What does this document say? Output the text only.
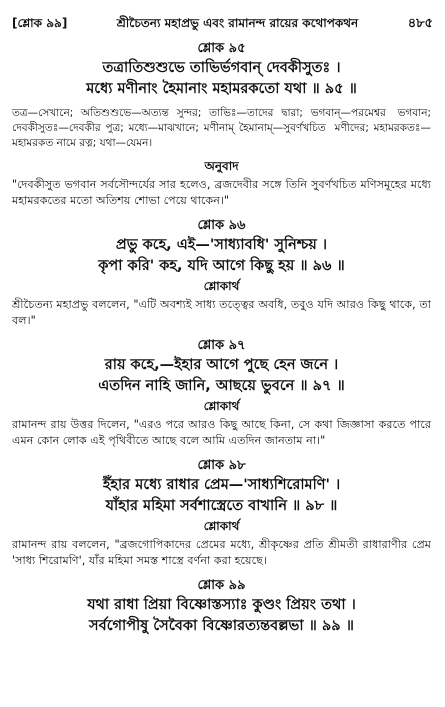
[শ্লোক ৯৯]	শ্রীচৈতন্য মহাপ্রভু এবং রামানন্দ রায়ের কথোপকথন	৪৮৫

শ্লোক ৯৫

তত্রাতিশুশুভে তাভির্ভগবান্ দেবকীসুতঃ ।

মধ্যে মণীনাং হৈমানাং মহামরকতো যথা ॥ ৯৫ ॥

তত্র—সেখানে; অতিশুশুভে—অত্যন্ত সুন্দর; তাভিঃ—তাদের দ্বারা; ভগবান্—পরমেশ্বর ভগবান; দেবকীসুতঃ—দেবকীর পুত্র; মধ্যে—মাঝখানে; মণীনাম্ হৈমানাম্—সুবর্ণখচিত মণীদের; মহামরকতঃ—মহামরকত নামে রত্ন; যথা—যেমন।

অনুবাদ

"দেবকীসুত ভগবান সর্বসৌন্দর্যের সার হলেও, ব্রজদেবীর সঙ্গে তিনি সুবর্ণখচিত মণিসমূহের মধ্যে মহামরকতের মতো অতিশয় শোভা পেয়ে থাকেন।"

শ্লোক ৯৬

প্রভু কহে, এই—'সাধ্যাবধি' সুনিশ্চয় ।

কৃপা করি' কহ, যদি আগে কিছু হয় ॥ ৯৬ ॥

শ্লোকার্থ

শ্রীচৈতন্য মহাপ্রভু বললেন, "এটি অবশ্যই সাধ্য তত্ত্বের অবধি, তবুও যদি আরও কিছু থাকে, তা বল।"

শ্লোক ৯৭

রায় কহে,—ইহার আগে পুছে হেন জনে ।

এতদিন নাহি জানি, আছয়ে ভুবনে ॥ ৯৭ ॥

শ্লোকার্থ

রামানন্দ রায় উত্তর দিলেন, "এরও পরে আরও কিছু আছে কিনা, সে কথা জিজ্ঞাসা করতে পারে এমন কোন লোক এই পৃথিবীতে আছে বলে আমি এতদিন জানতাম না।"

শ্লোক ৯৮

ইঁহার মধ্যে রাধার প্রেম—'সাধ্যশিরোমণি' ।

যাঁহার মহিমা সর্বশাস্ত্রেতে বাখানি ॥ ৯৮ ॥

শ্লোকার্থ

রামানন্দ রায় বললেন, "ব্রজগোপিকাদের প্রেমের মধ্যে, শ্রীকৃষ্ণের প্রতি শ্রীমতী রাধারাণীর প্রেম 'সাধ্য শিরোমণি', যাঁর মহিমা সমস্ত শাস্ত্রে বর্ণনা করা হয়েছে।

শ্লোক ৯৯

যথা রাধা প্রিয়া বিষ্ণোস্তস্যাঃ কুণ্ডং প্রিয়ং তথা ।

সর্বগোপীষু সৈবৈকা বিষ্ণোরত্যন্তবল্লভা ॥ ৯৯ ॥
